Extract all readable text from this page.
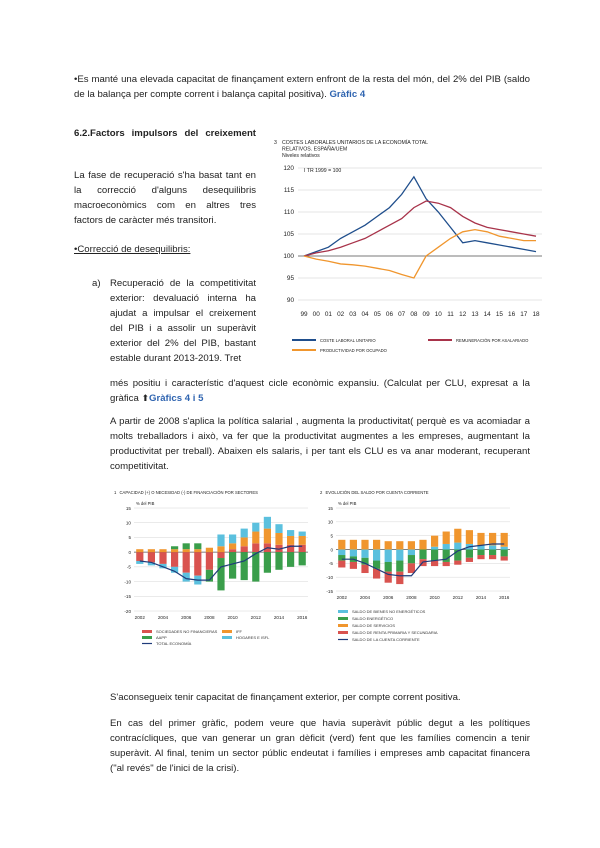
•Es manté una elevada capacitat de finançament extern enfront de la resta del món, del 2% del PIB (saldo de la balança per compte corrent i balança capital positiva). Gràfic 4

6.2.Factors impulsors del creixement

La fase de recuperació s'ha basat tant en la correcció d'alguns desequilibris macroeconòmics com en altres tres factors de caràcter més transitori.

•Correcció de desequilibris:

a) Recuperació de la competitivitat exterior: devaluació interna ha ajudat a impulsar el creixement del PIB i a assolir un superàvit exterior del 2% del PIB, bastant estable durant 2013-2019. Tret

més positiu i característic d'aquest cicle econòmic expansiu. (Calculat per CLU, expresat a la gràfica ⬆Gràfics 4 i 5

A partir de 2008 s'aplica la política salarial , augmenta la productivitat( perquè es va acomiadar a molts treballadors i això, va fer que la productivitat augmentes a les empreses, augmentant la productivitat per treball). Abaixen els salaris, i per tant els CLU es va anar moderant, recuperant competitivitat.

3 COSTES LABORALES UNITARIOS DE LA ECONOMÍA TOTAL RELATIVOS. ESPAÑA/UEM
Niveles relativos
90
95
100
105
110
115
120
99 00 01 02 03 04 05 06 07 08 09 10 11 12 13 14 15 16 17 18
I TR 1999 = 100
COSTE LABORAL UNITARIO
PRODUCTIVIDAD POR OCUPADO
REMUNERACIÓN POR ASALARIADO
1 CAPACIDAD (+) O NECESIDAD (-) DE FINANCIACIÓN POR SECTORES
% del PIB
-20
-15
-10
-5
0
5
10
15
2002	2004	2006	2008	2010	2012	2014	2016
SOCIEDADES NO FINANCIERAS
AAPP
TOTAL ECONOMÍA
IFF
HOGARES E ISFL
2 EVOLUCIÓN DEL SALDO POR CUENTA CORRIENTE
% del PIB
-15
-10
-5
0
5
10
15
2002	2004	2006	2008	2010	2012	2014	2016
SALDO DE BIENES NO ENERGÉTICOS
SALDO ENERGÉTICO
SALDO DE SERVICIOS
SALDO DE RENTA PRIMARIA Y SECUNDARIA
SALDO DE LA CUENTA CORRIENTE

S'aconsegueix tenir capacitat de finançament exterior, per compte corrent positiva.

En cas del primer gràfic, podem veure que havia superàvit públic degut a les polítiques contracícliques, que van generar un gran dèficit (verd) fent que les famílies comencin a tenir superàvit. Al final, tenim un sector públic endeutat i famílies i empreses amb capacitat financera ("al revés" de l'inici de la crisi).
